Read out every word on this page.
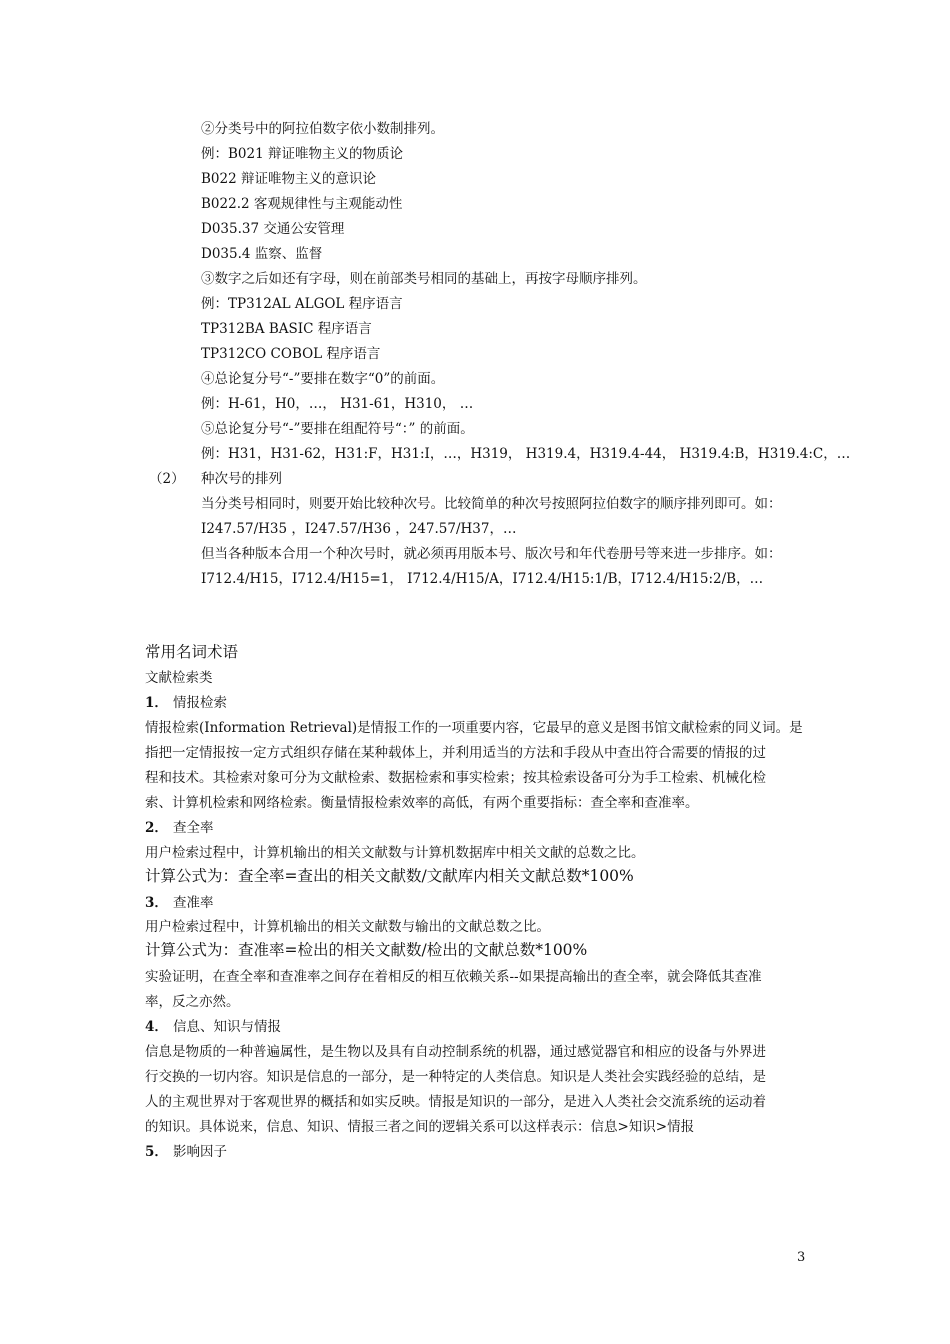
②分类号中的阿拉伯数字依小数制排列。
例：B021 辩证唯物主义的物质论
B022 辩证唯物主义的意识论
B022.2 客观规律性与主观能动性
D035.37 交通公安管理
D035.4 监察、监督
③数字之后如还有字母，则在前部类号相同的基础上，再按字母顺序排列。
例：TP312AL ALGOL 程序语言
TP312BA BASIC 程序语言
TP312CO COBOL 程序语言
④总论复分号“-”要排在数字“0”的前面。
例：H-61，H0，…， H31-61，H310， …
⑤总论复分号“-”要排在组配符号“：” 的前面。
例：H31，H31-62，H31:F，H31:I，…，H319， H319.4，H319.4-44， H319.4:B，H319.4:C，…
（2） 种次号的排列
当分类号相同时，则要开始比较种次号。比较简单的种次号按照阿拉伯数字的顺序排列即可。如：
I247.57/H35 ，I247.57/H36 ，247.57/H37，…
但当各种版本合用一个种次号时，就必须再用版本号、版次号和年代卷册号等来进一步排序。如：
I712.4/H15，I712.4/H15=1， I712.4/H15/A，I712.4/H15:1/B，I712.4/H15:2/B，…
常用名词术语
文献检索类
1． 情报检索
情报检索(Information Retrieval)是情报工作的一项重要内容，它最早的意义是图书馆文献检索的同义词。是
指把一定情报按一定方式组织存储在某种载体上，并利用适当的方法和手段从中查出符合需要的情报的过
程和技术。其检索对象可分为文献检索、数据检索和事实检索；按其检索设备可分为手工检索、机械化检
索、计算机检索和网络检索。衡量情报检索效率的高低，有两个重要指标：查全率和查准率。
2． 查全率
用户检索过程中，计算机输出的相关文献数与计算机数据库中相关文献的总数之比。
计算公式为：查全率=查出的相关文献数/文献库内相关文献总数*100%
3． 查准率
用户检索过程中，计算机输出的相关文献数与输出的文献总数之比。
计算公式为：查准率=检出的相关文献数/检出的文献总数*100%
实验证明，在查全率和查准率之间存在着相反的相互依赖关系--如果提高输出的查全率，就会降低其查准
率，反之亦然。
4． 信息、知识与情报
信息是物质的一种普遍属性，是生物以及具有自动控制系统的机器，通过感觉器官和相应的设备与外界进
行交换的一切内容。知识是信息的一部分，是一种特定的人类信息。知识是人类社会实践经验的总结，是
人的主观世界对于客观世界的概括和如实反映。情报是知识的一部分，是进入人类社会交流系统的运动着
的知识。具体说来，信息、知识、情报三者之间的逻辑关系可以这样表示：信息>知识>情报
5． 影响因子
3
